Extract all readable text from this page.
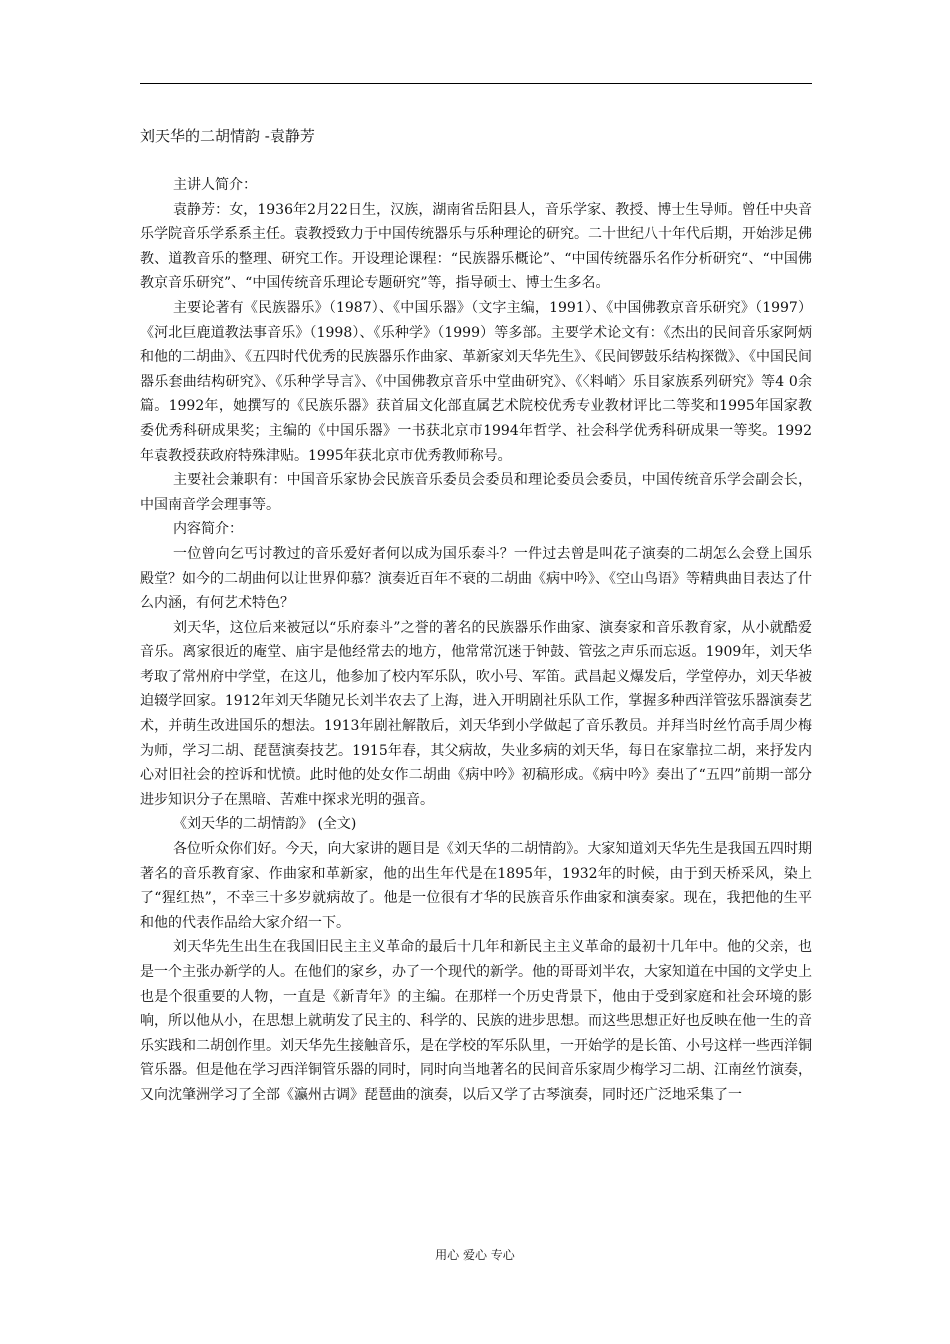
刘天华的二胡情韵 -袁静芳

主讲人简介：

袁静芳：女，1936年2月22日生，汉族，湖南省岳阳县人，音乐学家、教授、博士生导师。曾任中央音乐学院音乐学系系主任。袁教授致力于中国传统器乐与乐种理论的研究。二十世纪八十年代后期，开始涉足佛教、道教音乐的整理、研究工作。开设理论课程：“民族器乐概论”、“中国传统器乐名作分析研究“、“中国佛教京音乐研究”、“中国传统音乐理论专题研究”等，指导硕士、博士生多名。

主要论著有《民族器乐》（1987）、《中国乐器》（文字主编，1991）、《中国佛教京音乐研究》（1997）《河北巨鹿道教法事音乐》（1998）、《乐种学》（1999）等多部。主要学术论文有：《杰出的民间音乐家阿炳和他的二胡曲》、《五四时代优秀的民族器乐作曲家、革新家刘天华先生》、《民间锣鼓乐结构探微》、《中国民间器乐套曲结构研究》、《乐种学导言》、《中国佛教京音乐中堂曲研究》、《〈料峭〉乐目家族系列研究》等4 0余篇。1992年，她撰写的《民族乐器》获首届文化部直属艺术院校优秀专业教材评比二等奖和1995年国家教委优秀科研成果奖；主编的《中国乐器》一书获北京市1994年哲学、社会科学优秀科研成果一等奖。1992年袁教授获政府特殊津贴。1995年获北京市优秀教师称号。

主要社会兼职有：中国音乐家协会民族音乐委员会委员和理论委员会委员，中国传统音乐学会副会长，中国南音学会理事等。

内容简介：

一位曾向乞丐讨教过的音乐爱好者何以成为国乐泰斗？一件过去曾是叫花子演奏的二胡怎么会登上国乐殿堂？如今的二胡曲何以让世界仰慕？演奏近百年不衰的二胡曲《病中吟》、《空山鸟语》等精典曲目表达了什么内涵，有何艺术特色？

刘天华，这位后来被冠以“乐府泰斗”之誉的著名的民族器乐作曲家、演奏家和音乐教育家，从小就酷爱音乐。离家很近的庵堂、庙宇是他经常去的地方，他常常沉迷于钟鼓、管弦之声乐而忘返。1909年，刘天华考取了常州府中学堂，在这儿，他参加了校内军乐队，吹小号、军笛。武昌起义爆发后，学堂停办，刘天华被迫辍学回家。1912年刘天华随兄长刘半农去了上海，进入开明剧社乐队工作，掌握多种西洋管弦乐器演奏艺术，并萌生改进国乐的想法。1913年剧社解散后，刘天华到小学做起了音乐教员。并拜当时丝竹高手周少梅为师，学习二胡、琵琶演奏技艺。1915年春，其父病故，失业多病的刘天华，每日在家靠拉二胡，来抒发内心对旧社会的控诉和忧愤。此时他的处女作二胡曲《病中吟》初稿形成。《病中吟》奏出了“五四”前期一部分进步知识分子在黑暗、苦难中探求光明的强音。

《刘天华的二胡情韵》 (全文)

各位听众你们好。今天，向大家讲的题目是《刘天华的二胡情韵》。大家知道刘天华先生是我国五四时期著名的音乐教育家、作曲家和革新家，他的出生年代是在1895年，1932年的时候，由于到天桥采风，染上了“猩红热”，不幸三十多岁就病故了。他是一位很有才华的民族音乐作曲家和演奏家。现在，我把他的生平和他的代表作品给大家介绍一下。

刘天华先生出生在我国旧民主主义革命的最后十几年和新民主主义革命的最初十几年中。他的父亲，也是一个主张办新学的人。在他们的家乡，办了一个现代的新学。他的哥哥刘半农，大家知道在中国的文学史上也是个很重要的人物，一直是《新青年》的主编。在那样一个历史背景下，他由于受到家庭和社会环境的影响，所以他从小，在思想上就萌发了民主的、科学的、民族的进步思想。而这些思想正好也反映在他一生的音乐实践和二胡创作里。刘天华先生接触音乐，是在学校的军乐队里，一开始学的是长笛、小号这样一些西洋铜管乐器。但是他在学习西洋铜管乐器的同时，同时向当地著名的民间音乐家周少梅学习二胡、江南丝竹演奏，又向沈肇洲学习了全部《瀛州古调》琵琶曲的演奏，以后又学了古琴演奏，同时还广泛地采集了一

用心 爱心 专心
